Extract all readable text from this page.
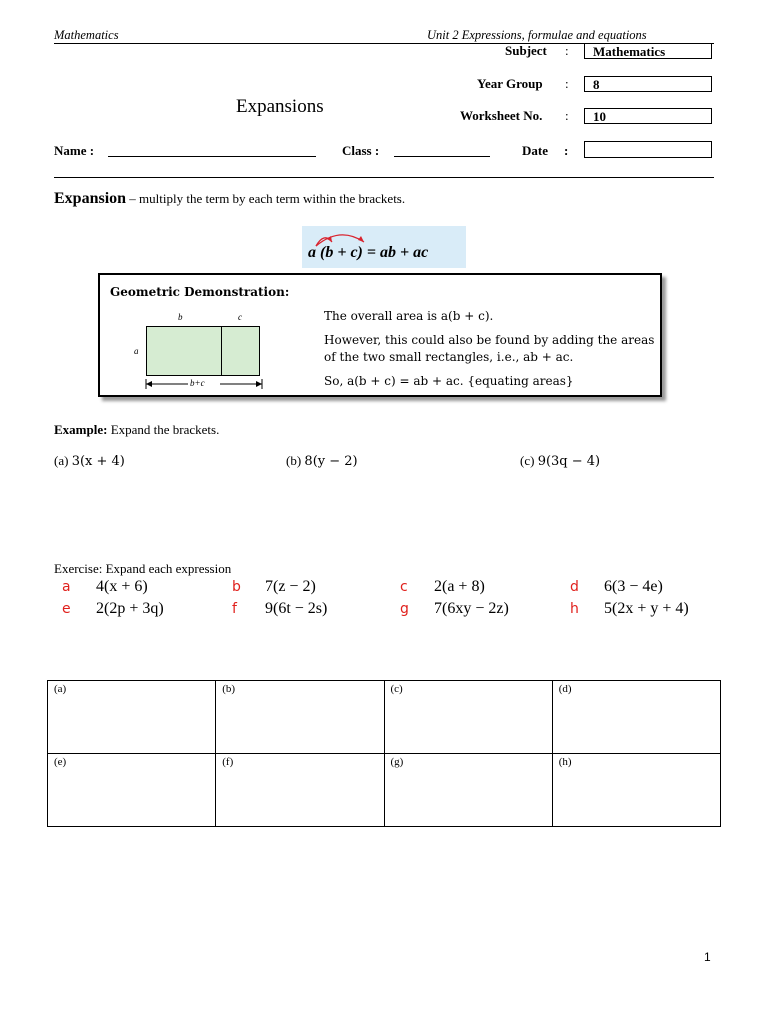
Mathematics	Unit 2 Expressions, formulae and equations
Subject :	Mathematics
Year Group :	8
Worksheet No. :	10
Expansions
Name :	Class :	Date :
Expansion – multiply the term by each term within the brackets.
a (b + c) = ab + ac
Geometric Demonstration:
b	c
a
b+c
The overall area is a(b + c).
However, this could also be found by adding the areas
of the two small rectangles, i.e., ab + ac.
So, a(b + c) = ab + ac. {equating areas}
Example: Expand the brackets.
(a) 3(x + 4)	(b) 8(y − 2)	(c) 9(3q − 4)
Exercise: Expand each expression
a 4(x + 6)	b 7(z − 2)	c 2(a + 8)	d 6(3 − 4e)
e 2(2p + 3q)	f 9(6t − 2s)	g 7(6xy − 2z)	h 5(2x + y + 4)
(a)	(b)	(c)	(d)
(e)	(f)	(g)	(h)
1
